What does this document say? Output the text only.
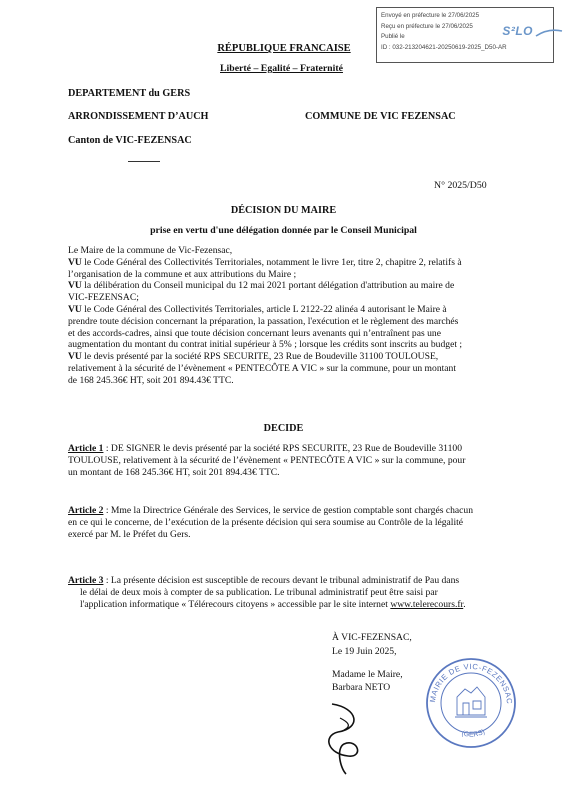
Envoyé en préfecture le 27/06/2025
Reçu en préfecture le 27/06/2025
Publié le
ID : 032-213204621-20250619-2025_D50-AR
S²LO
RÉPUBLIQUE FRANCAISE
Liberté – Egalité – Fraternité
DEPARTEMENT du GERS
ARRONDISSEMENT D’AUCH	COMMUNE DE VIC FEZENSAC
Canton de VIC-FEZENSAC
N° 2025/D50
DÉCISION DU MAIRE
prise en vertu d'une délégation donnée par le Conseil Municipal
Le Maire de la commune de Vic-Fezensac,
VU le Code Général des Collectivités Territoriales, notamment le livre 1er, titre 2, chapitre 2, relatifs à
l’organisation de la commune et aux attributions du Maire ;
VU la délibération du Conseil municipal du 12 mai 2021 portant délégation d'attribution au maire de
VIC-FEZENSAC;
VU le Code Général des Collectivités Territoriales, article L 2122-22 alinéa 4 autorisant le Maire à
prendre toute décision concernant la préparation, la passation, l'exécution et le règlement des marchés
et des accords-cadres, ainsi que toute décision concernant leurs avenants qui n’entraînent pas une
augmentation du montant du contrat initial supérieur à 5% ; lorsque les crédits sont inscrits au budget ;
VU le devis présenté par la société RPS SECURITE, 23 Rue de Boudeville 31100 TOULOUSE,
relativement à la sécurité de l’évènement « PENTECÔTE A VIC » sur la commune, pour un montant
de 168 245.36€ HT, soit 201 894.43€ TTC.
DECIDE
Article 1 : DE SIGNER le devis présenté par la société RPS SECURITE, 23 Rue de Boudeville 31100
TOULOUSE, relativement à la sécurité de l’évènement « PENTECÔTE A VIC » sur la commune, pour
un montant de 168 245.36€ HT, soit 201 894.43€ TTC.
Article 2 : Mme la Directrice Générale des Services, le service de gestion comptable sont chargés chacun
en ce qui le concerne, de l’exécution de la présente décision qui sera soumise au Contrôle de la légalité
exercé par M. le Préfet du Gers.
Article 3 : La présente décision est susceptible de recours devant le tribunal administratif de Pau dans
le délai de deux mois à compter de sa publication. Le tribunal administratif peut être saisi par
l'application informatique « Télérecours citoyens » accessible par le site internet www.telerecours.fr.
À VIC-FEZENSAC,
Le 19 Juin 2025,
Madame le Maire,
Barbara NETO
MAIRIE DE VIC-FEZENSAC
(GERS)
